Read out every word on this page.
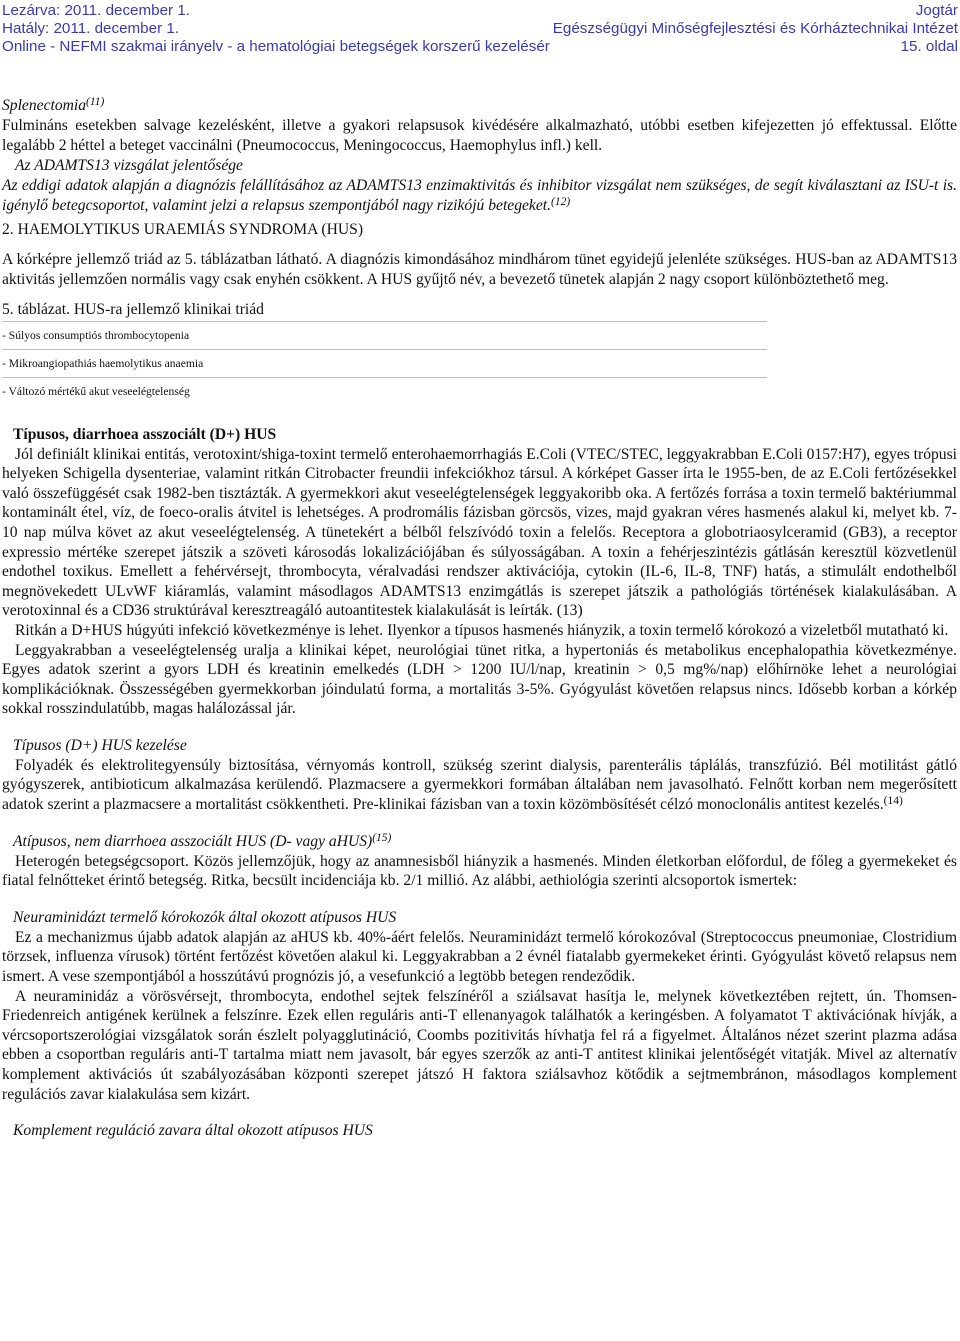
Lezárva: 2011. december 1.	Jogtár
Hatály: 2011. december 1.	Egészségügyi Minőségfejlesztési és Kórháztechnikai Intézet
Online - NEFMI szakmai irányelv - a hematológiai betegségek korszerű kezelésér	15. oldal

Splenectomia$^{(11)}$

Fulmináns esetekben salvage kezelésként, illetve a gyakori relapsusok kivédésére alkalmazható, utóbbi esetben kifejezetten jó effektussal. Előtte legalább 2 héttel a beteget vaccinálni (Pneumococcus, Meningococcus, Haemophylus infl.) kell.

Az ADAMTS13 vizsgálat jelentősége

Az eddigi adatok alapján a diagnózis felállításához az ADAMTS13 enzimaktivitás és inhibitor vizsgálat nem szükséges, de segít kiválasztani az ISU-t is. igénylő betegcsoportot, valamint jelzi a relapsus szempontjából nagy rizikójú betegeket.$^{(12)}$

2. HAEMOLYTIKUS URAEMIÁS SYNDROMA (HUS)

A kórképre jellemző triád az 5. táblázatban látható. A diagnózis kimondásához mindhárom tünet egyidejű jelenléte szükséges. HUS-ban az ADAMTS13 aktivitás jellemzően normális vagy csak enyhén csökkent. A HUS gyűjtő név, a bevezető tünetek alapján 2 nagy csoport különböztethető meg.

5. táblázat. HUS-ra jellemző klinikai triád
- Súlyos consumptiós thrombocytopenia
- Mikroangiopathiás haemolytikus anaemia
- Változó mértékű akut veseelégtelenség

Típusos, diarrhoea asszociált (D+) HUS

Jól definiált klinikai entitás, verotoxint/shiga-toxint termelő enterohaemorrhagiás E.Coli (VTEC/STEC, leggyakrabban E.Coli 0157:H7), egyes trópusi helyeken Schigella dysenteriae, valamint ritkán Citrobacter freundii infekciókhoz társul. A kórképet Gasser írta le 1955-ben, de az E.Coli fertőzésekkel való összefüggését csak 1982-ben tisztázták. A gyermekkori akut veseelégtelenségek leggyakoribb oka. A fertőzés forrása a toxin termelő baktériummal kontaminált étel, víz, de foeco-oralis átvitel is lehetséges. A prodromális fázisban görcsös, vizes, majd gyakran véres hasmenés alakul ki, melyet kb. 7-10 nap múlva követ az akut veseelégtelenség. A tünetekért a bélből felszívódó toxin a felelős. Receptora a globotriaosylceramid (GB3), a receptor expressio mértéke szerepet játszik a szöveti károsodás lokalizációjában és súlyosságában. A toxin a fehérjeszintézis gátlásán keresztül közvetlenül endothel toxikus. Emellett a fehérvérsejt, thrombocyta, véralvadási rendszer aktivációja, cytokin (IL-6, IL-8, TNF) hatás, a stimulált endothelből megnövekedett ULvWF kiáramlás, valamint másodlagos ADAMTS13 enzimgátlás is szerepet játszik a pathológiás történések kialakulásában. A verotoxinnal és a CD36 struktúrával keresztreagáló autoantitestek kialakulását is leírták. (13)

Ritkán a D+HUS húgyúti infekció következménye is lehet. Ilyenkor a típusos hasmenés hiányzik, a toxin termelő kórokozó a vizeletből mutatható ki.

Leggyakrabban a veseelégtelenség uralja a klinikai képet, neurológiai tünet ritka, a hypertoniás és metabolikus encephalopathia következménye. Egyes adatok szerint a gyors LDH és kreatinin emelkedés (LDH > 1200 IU/l/nap, kreatinin > 0,5 mg%/nap) előhírnöke lehet a neurológiai komplikációknak. Összességében gyermekkorban jóindulatú forma, a mortalitás 3-5%. Gyógyulást követően relapsus nincs. Idősebb korban a kórkép sokkal rosszindulatúbb, magas halálozással jár.

Típusos (D+) HUS kezelése

Folyadék és elektrolitegyensúly biztosítása, vérnyomás kontroll, szükség szerint dialysis, parenterális táplálás, transzfúzió. Bél motilitást gátló gyógyszerek, antibioticum alkalmazása kerülendő. Plazmacsere a gyermekkori formában általában nem javasolható. Felnőtt korban nem megerősített adatok szerint a plazmacsere a mortalitást csökkentheti. Pre-klinikai fázisban van a toxin közömbösítését célzó monoclonális antitest kezelés.$^{(14)}$

Atípusos, nem diarrhoea asszociált HUS (D- vagy aHUS)$^{(15)}$

Heterogén betegségcsoport. Közös jellemzőjük, hogy az anamnesisből hiányzik a hasmenés. Minden életkorban előfordul, de főleg a gyermekeket és fiatal felnőtteket érintő betegség. Ritka, becsült incidenciája kb. 2/1 millió. Az alábbi, aethiológia szerinti alcsoportok ismertek:

Neuraminidázt termelő kórokozók által okozott atípusos HUS

Ez a mechanizmus újabb adatok alapján az aHUS kb. 40%-áért felelős. Neuraminidázt termelő kórokozóval (Streptococcus pneumoniae, Clostridium törzsek, influenza vírusok) történt fertőzést követően alakul ki. Leggyakrabban a 2 évnél fiatalabb gyermekeket érinti. Gyógyulást követő relapsus nem ismert. A vese szempontjából a hosszútávú prognózis jó, a vesefunkció a legtöbb betegen rendeződik.

A neuraminidáz a vörösvérsejt, thrombocyta, endothel sejtek felszínéről a sziálsavat hasítja le, melynek következtében rejtett, ún. Thomsen-Friedenreich antigének kerülnek a felszínre. Ezek ellen reguláris anti-T ellenanyagok találhatók a keringésben. A folyamatot T aktivációnak hívják, a vércsoportszerológiai vizsgálatok során észlelt polyagglutináció, Coombs pozitivitás hívhatja fel rá a figyelmet. Általános nézet szerint plazma adása ebben a csoportban reguláris anti-T tartalma miatt nem javasolt, bár egyes szerzők az anti-T antitest klinikai jelentőségét vitatják. Mivel az alternatív komplement aktivációs út szabályozásában központi szerepet játszó H faktora sziálsavhoz kötődik a sejtmembránon, másodlagos komplement regulációs zavar kialakulása sem kizárt.

Komplement reguláció zavara által okozott atípusos HUS
